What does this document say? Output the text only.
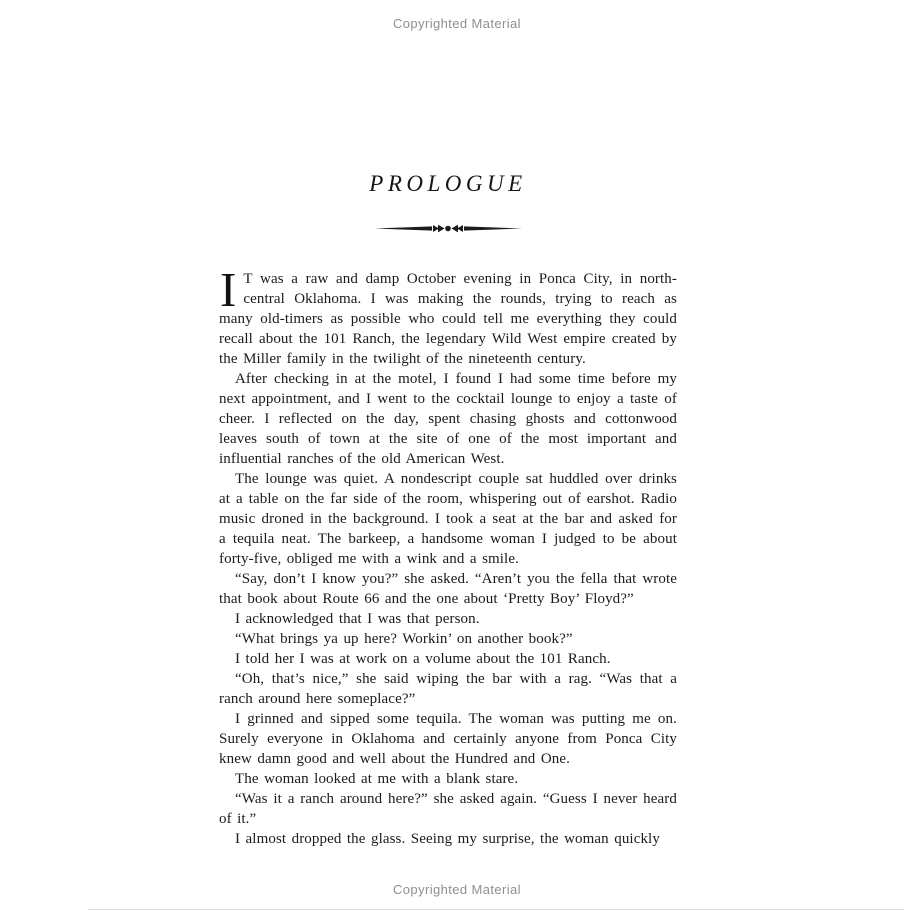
Copyrighted Material
PROLOGUE

I T was a raw and damp October evening in Ponca City, in north-central Oklahoma. I was making the rounds, trying to reach as many old-timers as possible who could tell me everything they could recall about the 101 Ranch, the legendary Wild West empire created by the Miller family in the twilight of the nineteenth century.

After checking in at the motel, I found I had some time before my next appointment, and I went to the cocktail lounge to enjoy a taste of cheer. I reflected on the day, spent chasing ghosts and cottonwood leaves south of town at the site of one of the most important and influential ranches of the old American West.

The lounge was quiet. A nondescript couple sat huddled over drinks at a table on the far side of the room, whispering out of earshot. Radio music droned in the background. I took a seat at the bar and asked for a tequila neat. The barkeep, a handsome woman I judged to be about forty-five, obliged me with a wink and a smile.

“Say, don’t I know you?” she asked. “Aren’t you the fella that wrote that book about Route 66 and the one about ‘Pretty Boy’ Floyd?”

I acknowledged that I was that person.

“What brings ya up here? Workin’ on another book?”

I told her I was at work on a volume about the 101 Ranch.

“Oh, that’s nice,” she said wiping the bar with a rag. “Was that a ranch around here someplace?”

I grinned and sipped some tequila. The woman was putting me on. Surely everyone in Oklahoma and certainly anyone from Ponca City knew damn good and well about the Hundred and One.

The woman looked at me with a blank stare.

“Was it a ranch around here?” she asked again. “Guess I never heard of it.”

I almost dropped the glass. Seeing my surprise, the woman quickly

Copyrighted Material
